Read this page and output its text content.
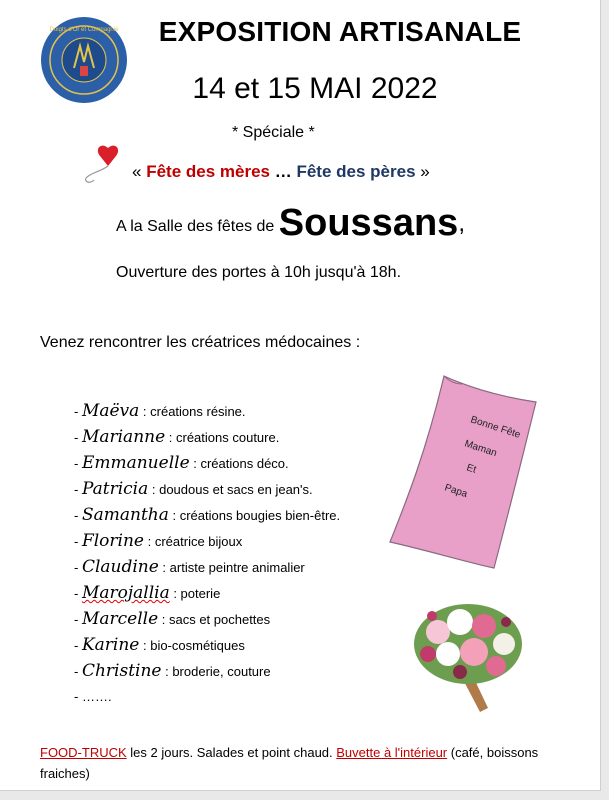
Doigts d'Or et Compagnie	EXPOSITION ARTISANALE
14 et 15 MAI 2022
* Spéciale *
« Fête des mères … Fête des pères »
A la Salle des fêtes de Soussans,
Ouverture des portes à 10h jusqu'à 18h.
Venez rencontrer les créatrices médocaines :
- Maëva : créations résine.
- Marianne : créations couture.
- Emmanuelle : créations déco.
- Patricia : doudous et sacs en jean's.
- Samantha : créations bougies bien-être.
- Florine : créatrice bijoux
- Claudine : artiste peintre animalier
- Marojallia : poterie
- Marcelle : sacs et pochettes
- Karine : bio-cosmétiques
- Christine : broderie, couture
- …….
Bonne Fête
Maman
Et
Papa
FOOD-TRUCK les 2 jours. Salades et point chaud. Buvette à l'intérieur (café, boissons fraiches)
